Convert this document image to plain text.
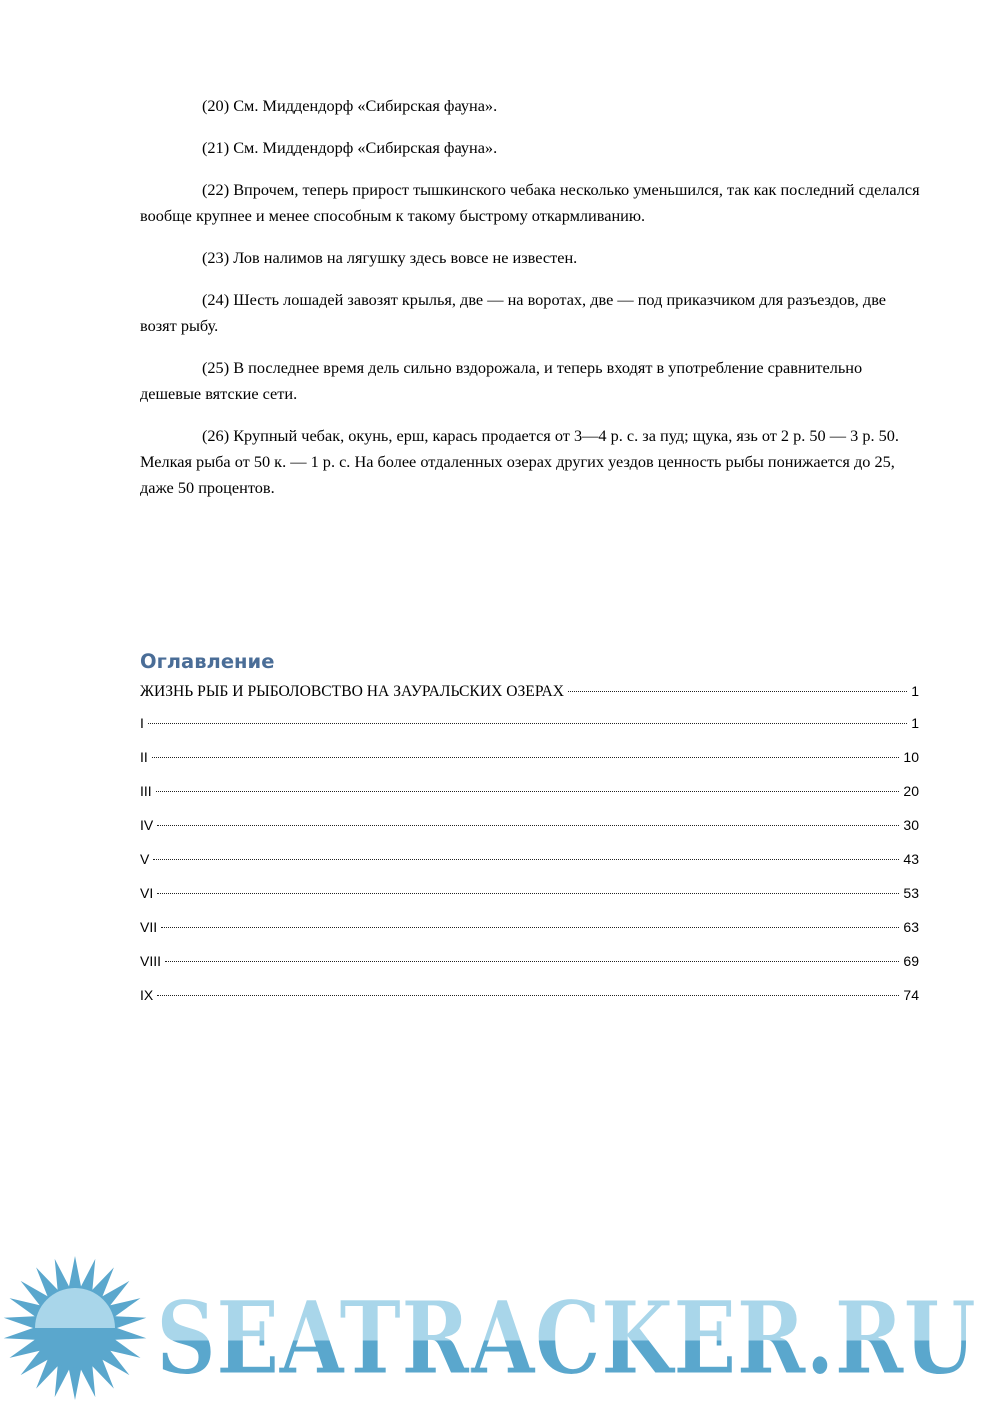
(20) См. Миддендорф «Сибирская фауна».

(21) См. Миддендорф «Сибирская фауна».

(22) Впрочем, теперь прирост тышкинского чебака несколько уменьшился, так как последний сделался вообще крупнее и менее способным к такому быстрому откармливанию.

(23) Лов налимов на лягушку здесь вовсе не известен.

(24) Шесть лошадей завозят крылья, две — на воротах, две — под приказчиком для разъездов, две возят рыбу.

(25) В последнее время дель сильно вздорожала, и теперь входят в употребление сравнительно дешевые вятские сети.

(26) Крупный чебак, окунь, ерш, карась продается от 3—4 р. с. за пуд; щука, язь от 2 р. 50 — 3 р. 50. Мелкая рыба от 50 к. — 1 р. с. На более отдаленных озерах других уездов ценность рыбы понижается до 25, даже 50 процентов.

Оглавление
ЖИЗНЬ РЫБ И РЫБОЛОВСТВО НА ЗАУРАЛЬСКИХ ОЗЕРАХ	1
I	1
II	10
III	20
IV	30
V	43
VI	53
VII	63
VIII	69
IX	74
SEATRACKER.RU
